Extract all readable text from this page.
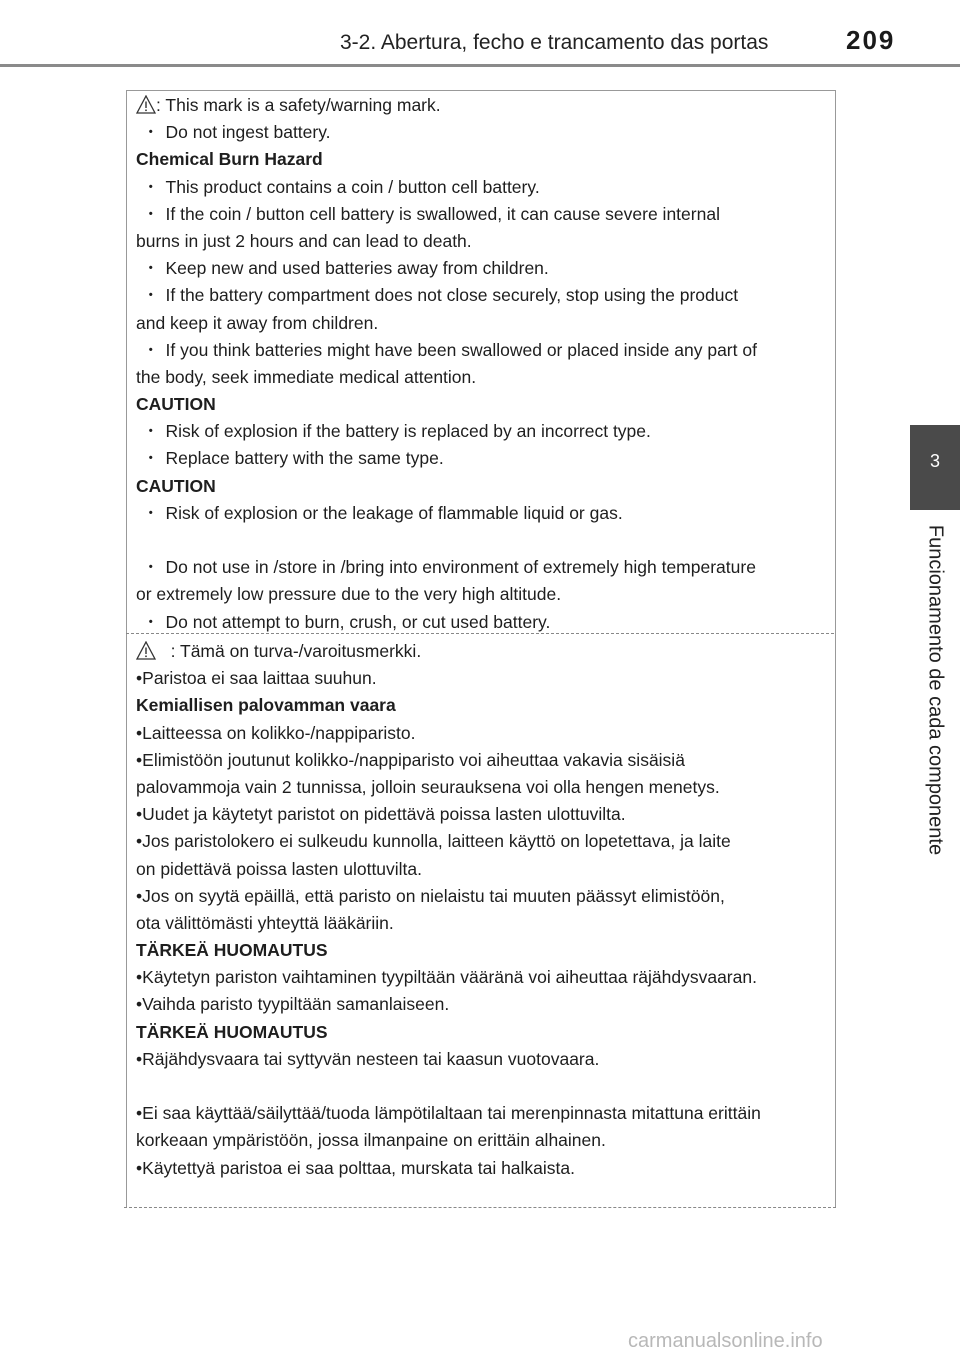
3-2. Abertura, fecho e trancamento das portas	209
3
Funcionamento de cada componente
: This mark is a safety/warning mark.
・ Do not ingest battery.
Chemical Burn Hazard
・ This product contains a coin / button cell battery.
・ If the coin / button cell battery is swallowed, it can cause severe internal
burns in just 2 hours and can lead to death.
・ Keep new and used batteries away from children.
・ If the battery compartment does not close securely, stop using the product
and keep it away from children.
・ If you think batteries might have been swallowed or placed inside any part of
the body, seek immediate medical attention.
CAUTION
・ Risk of explosion if the battery is replaced by an incorrect type.
・ Replace battery with the same type.
CAUTION
・ Risk of explosion or the leakage of flammable liquid or gas.
・ Do not use in /store in /bring into environment of extremely high temperature
or extremely low pressure due to the very high altitude.
・ Do not attempt to burn, crush, or cut used battery.
: Tämä on turva-/varoitusmerkki.
•Paristoa ei saa laittaa suuhun.
Kemiallisen palovamman vaara
•Laitteessa on kolikko-/nappiparisto.
•Elimistöön joutunut kolikko-/nappiparisto voi aiheuttaa vakavia sisäisiä
palovammoja vain 2 tunnissa, jolloin seurauksena voi olla hengen menetys.
•Uudet ja käytetyt paristot on pidettävä poissa lasten ulottuvilta.
•Jos paristolokero ei sulkeudu kunnolla, laitteen käyttö on lopetettava, ja laite
on pidettävä poissa lasten ulottuvilta.
•Jos on syytä epäillä, että paristo on nielaistu tai muuten päässyt elimistöön,
ota välittömästi yhteyttä lääkäriin.
TÄRKEÄ HUOMAUTUS
•Käytetyn pariston vaihtaminen tyypiltään vääränä voi aiheuttaa räjähdysvaaran.
•Vaihda paristo tyypiltään samanlaiseen.
TÄRKEÄ HUOMAUTUS
•Räjähdysvaara tai syttyvän nesteen tai kaasun vuotovaara.
•Ei saa käyttää/säilyttää/tuoda lämpötilaltaan tai merenpinnasta mitattuna erittäin
korkeaan ympäristöön, jossa ilmanpaine on erittäin alhainen.
•Käytettyä paristoa ei saa polttaa, murskata tai halkaista.
carmanualsonline.info
